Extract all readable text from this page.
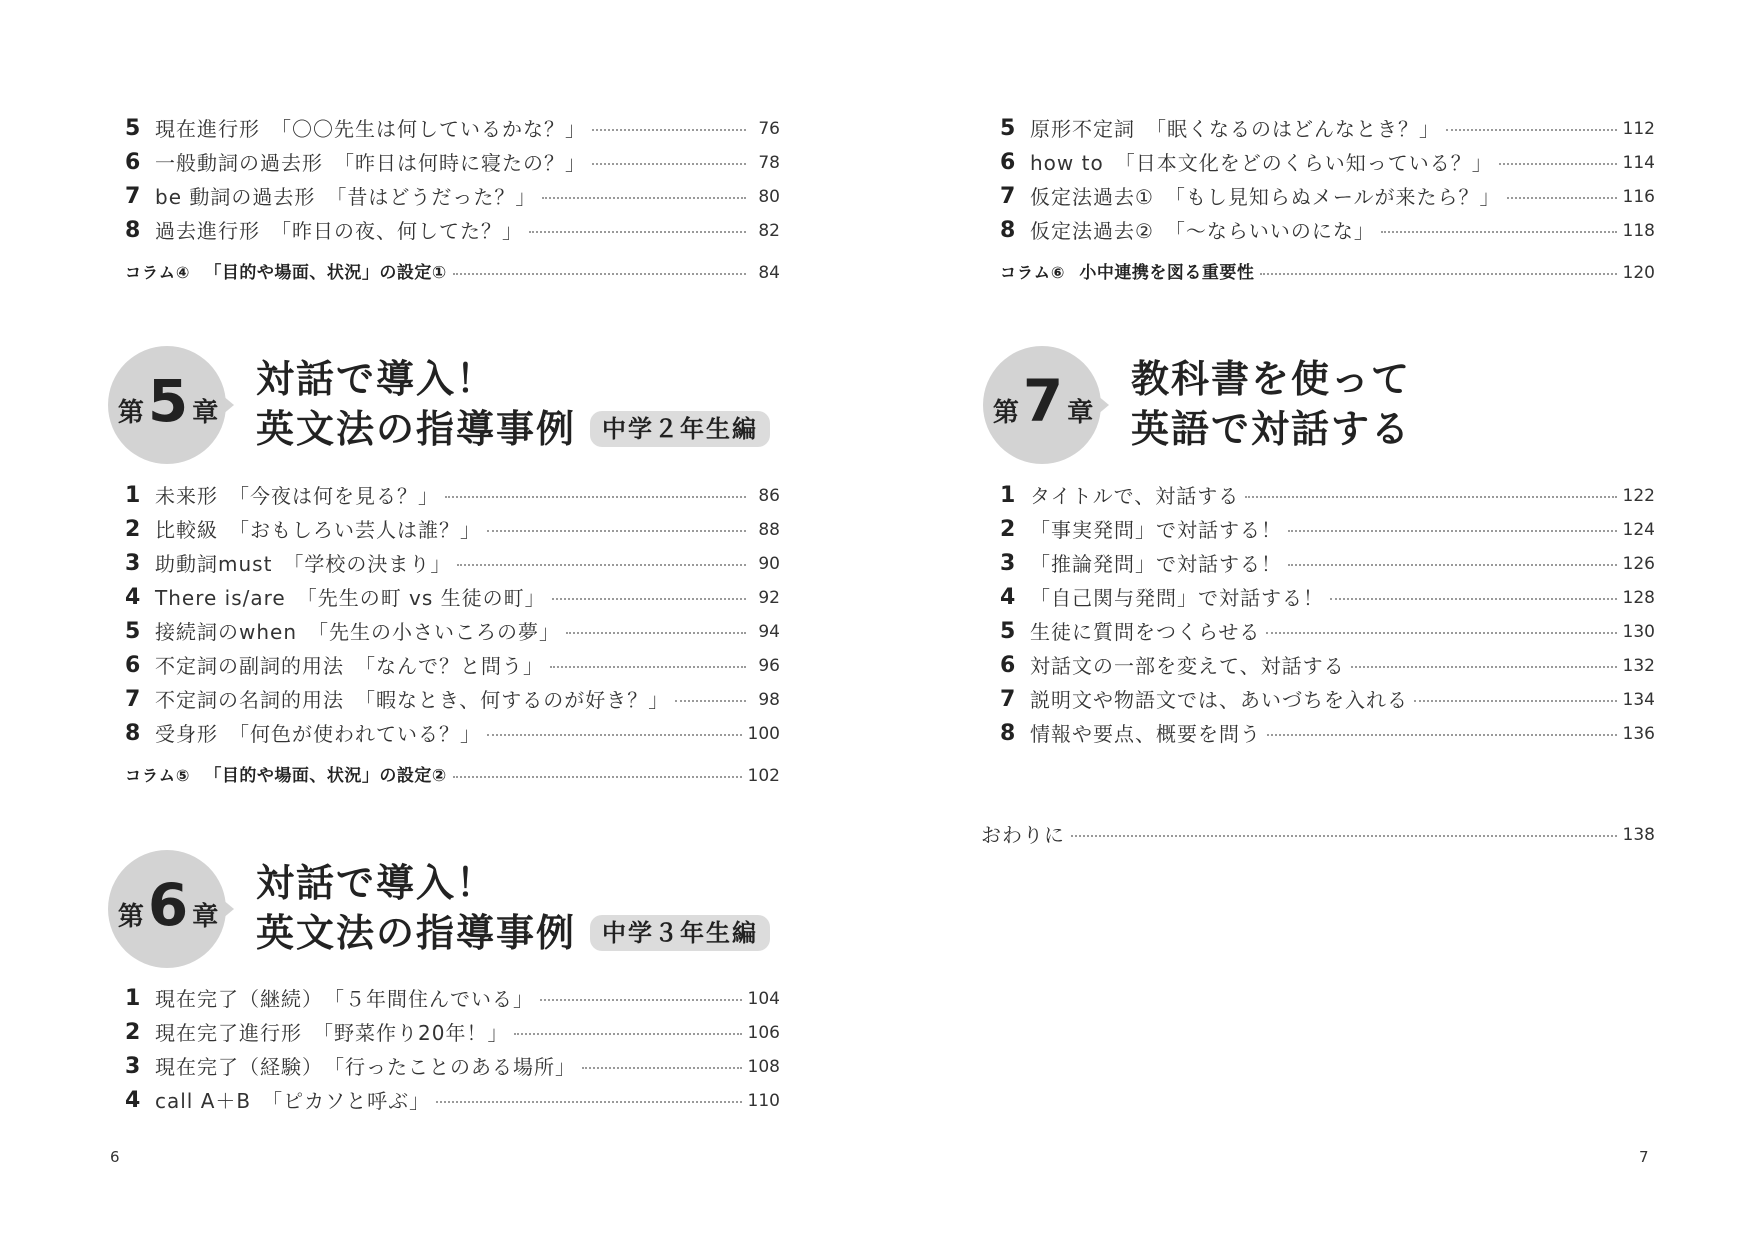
5 現在進行形　「〇〇先生は何しているかな？」	76
6 一般動詞の過去形　「昨日は何時に寝たの？」	78
7 be 動詞の過去形　「昔はどうだった？」	80
8 過去進行形　「昨日の夜、何してた？」	82
コラム④ 「目的や場面、状況」の設定①	84
第 5 章
対話で導入！
英文法の指導事例 中学２年生編
1 未来形　「今夜は何を見る？」	86
2 比較級　「おもしろい芸人は誰？」	88
3 助動詞must　「学校の決まり」	90
4 There is/are　「先生の町 vs 生徒の町」	92
5 接続詞のwhen　「先生の小さいころの夢」	94
6 不定詞の副詞的用法　「なんで？と問う」	96
7 不定詞の名詞的用法　「暇なとき、何するのが好き？」	98
8 受身形　「何色が使われている？」	100
コラム⑤ 「目的や場面、状況」の設定②	102
第 6 章
対話で導入！
英文法の指導事例 中学３年生編
1 現在完了（継続）　「５年間住んでいる」	104
2 現在完了進行形　「野菜作り20年！」	106
3 現在完了（経験）　「行ったことのある場所」	108
4 call A＋B　「ピカソと呼ぶ」	110
6
5 原形不定詞　「眠くなるのはどんなとき？」	112
6 how to　「日本文化をどのくらい知っている？」	114
7 仮定法過去①　「もし見知らぬメールが来たら？」	116
8 仮定法過去②　「〜ならいいのにな」	118
コラム⑥ 小中連携を図る重要性	120
第 7 章
教科書を使って
英語で対話する
1 タイトルで、対話する	122
2 「事実発問」で対話する！	124
3 「推論発問」で対話する！	126
4 「自己関与発問」で対話する！	128
5 生徒に質問をつくらせる	130
6 対話文の一部を変えて、対話する	132
7 説明文や物語文では、あいづちを入れる	134
8 情報や要点、概要を問う	136
おわりに	138
7
